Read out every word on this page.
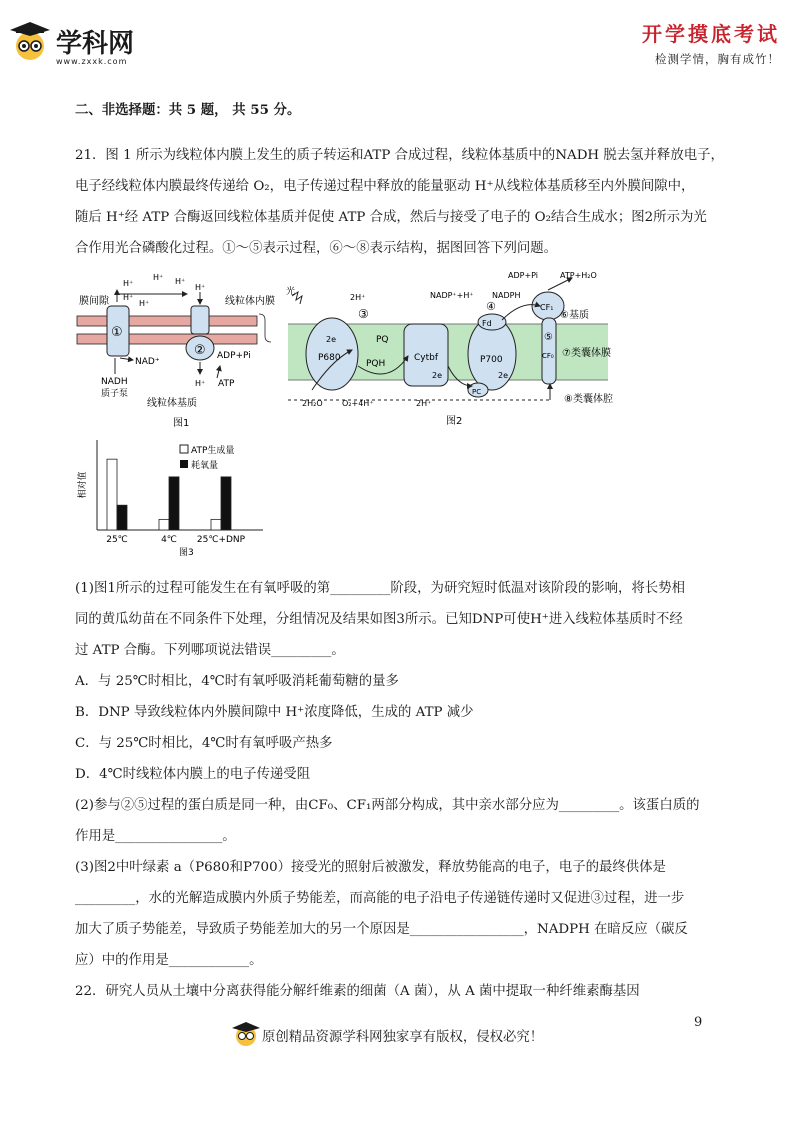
学科网
www.zxxk.com
开学摸底考试
检测学情，胸有成竹！
二、非选择题：共 5 题， 共 55 分。
21．图 1 所示为线粒体内膜上发生的质子转运和ATP 合成过程，线粒体基质中的NADH 脱去氢并释放电子，
电子经线粒体内膜最终传递给 O₂，电子传递过程中释放的能量驱动 H⁺从线粒体基质移至内外膜间隙中，
随后 H⁺经 ATP 合酶返回线粒体基质并促使 ATP 合成，然后与接受了电子的 O₂结合生成水；图2所示为光
合作用光合磷酸化过程。①～⑤表示过程，⑥～⑧表示结构，据图回答下列问题。
膜间隙
H⁺
H⁺ H⁺
H⁺
H⁺
H⁺
线粒体内膜
①
②
NAD⁺
ADP+Pi
H⁺ ATP
NADH
质子泵
线粒体基质
图1
光
2H⁺
③
2e
P680
PQ
PQH
Cytbf
2e
Fd
④
NADP⁺+H⁺ NADPH
P700
2e
PC
ADP+Pi	ATP+H₂O
CF₁
⑤
CF₀
⑥基质
⑦类囊体膜
⑧类囊体腔
2H₂O O₂+4H⁺	2H⁺
图2
25℃	4℃ 25℃+DNP
相对值
ATP生成量
耗氧量
图3
(1)图1所示的过程可能发生在有氧呼吸的第_________阶段，为研究短时低温对该阶段的影响，将长势相
同的黄瓜幼苗在不同条件下处理，分组情况及结果如图3所示。已知DNP可使H⁺进入线粒体基质时不经
过 ATP 合酶。下列哪项说法错误_________。
A．与 25℃时相比，4℃时有氧呼吸消耗葡萄糖的量多
B．DNP 导致线粒体内外膜间隙中 H⁺浓度降低，生成的 ATP 减少
C．与 25℃时相比，4℃时有氧呼吸产热多
D．4℃时线粒体内膜上的电子传递受阻
(2)参与②⑤过程的蛋白质是同一种，由CF₀、CF₁两部分构成，其中亲水部分应为_________。该蛋白质的
作用是________________。
(3)图2中叶绿素 a（P680和P700）接受光的照射后被激发，释放势能高的电子，电子的最终供体是
_________，水的光解造成膜内外质子势能差，而高能的电子沿电子传递链传递时又促进③过程，进一步
加大了质子势能差，导致质子势能差加大的另一个原因是_________________，NADPH 在暗反应（碳反
应）中的作用是____________。
22．研究人员从土壤中分离获得能分解纤维素的细菌（A 菌），从 A 菌中提取一种纤维素酶基因
原创精品资源学科网独家享有版权，侵权必究！
9
